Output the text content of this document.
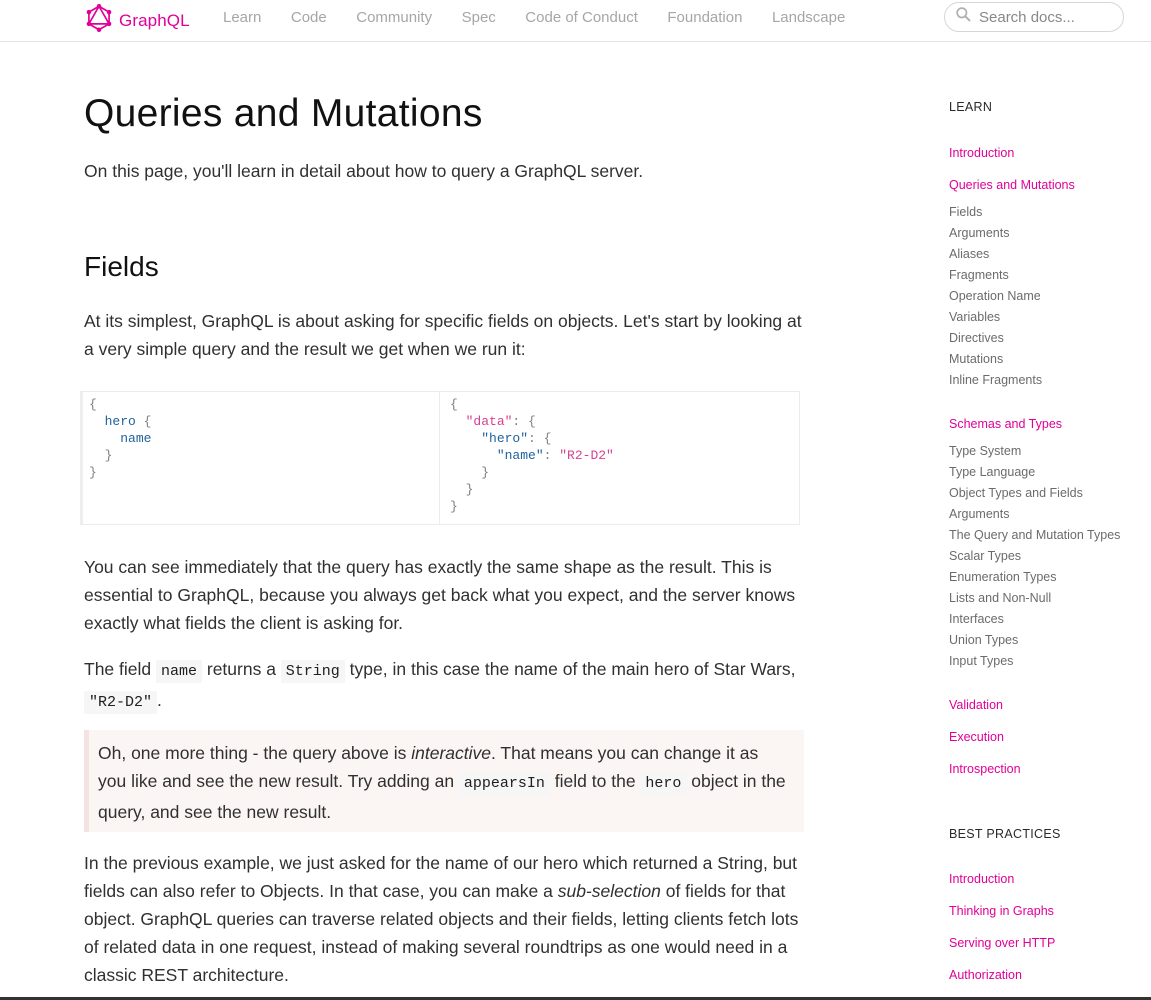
GraphQL Learn Code Community Spec Code of Conduct Foundation Landscape
Search docs...
Queries and Mutations
On this page, you'll learn in detail about how to query a GraphQL server.
Fields

At its simplest, GraphQL is about asking for specific fields on objects. Let's start by looking at a very simple query and the result we get when we run it:

{
hero {
name
}
}
{
"data": {
"hero": {
"name": "R2-D2"
}
}
}

You can see immediately that the query has exactly the same shape as the result. This is essential to GraphQL, because you always get back what you expect, and the server knows exactly what fields the client is asking for.

The field name returns a String type, in this case the name of the main hero of Star Wars, "R2-D2" .

Oh, one more thing - the query above is interactive. That means you can change it as you like and see the new result. Try adding an appearsIn field to the hero object in the query, and see the new result.

In the previous example, we just asked for the name of our hero which returned a String, but fields can also refer to Objects. In that case, you can make a sub-selection of fields for that object. GraphQL queries can traverse related objects and their fields, letting clients fetch lots of related data in one request, instead of making several roundtrips as one would need in a classic REST architecture.

LEARN
Introduction
Queries and Mutations
Fields
Arguments
Aliases
Fragments
Operation Name
Variables
Directives
Mutations
Inline Fragments
Schemas and Types
Type System
Type Language
Object Types and Fields
Arguments
The Query and Mutation Types
Scalar Types
Enumeration Types
Lists and Non-Null
Interfaces
Union Types
Input Types
Validation
Execution
Introspection
BEST PRACTICES
Introduction
Thinking in Graphs
Serving over HTTP
Authorization
